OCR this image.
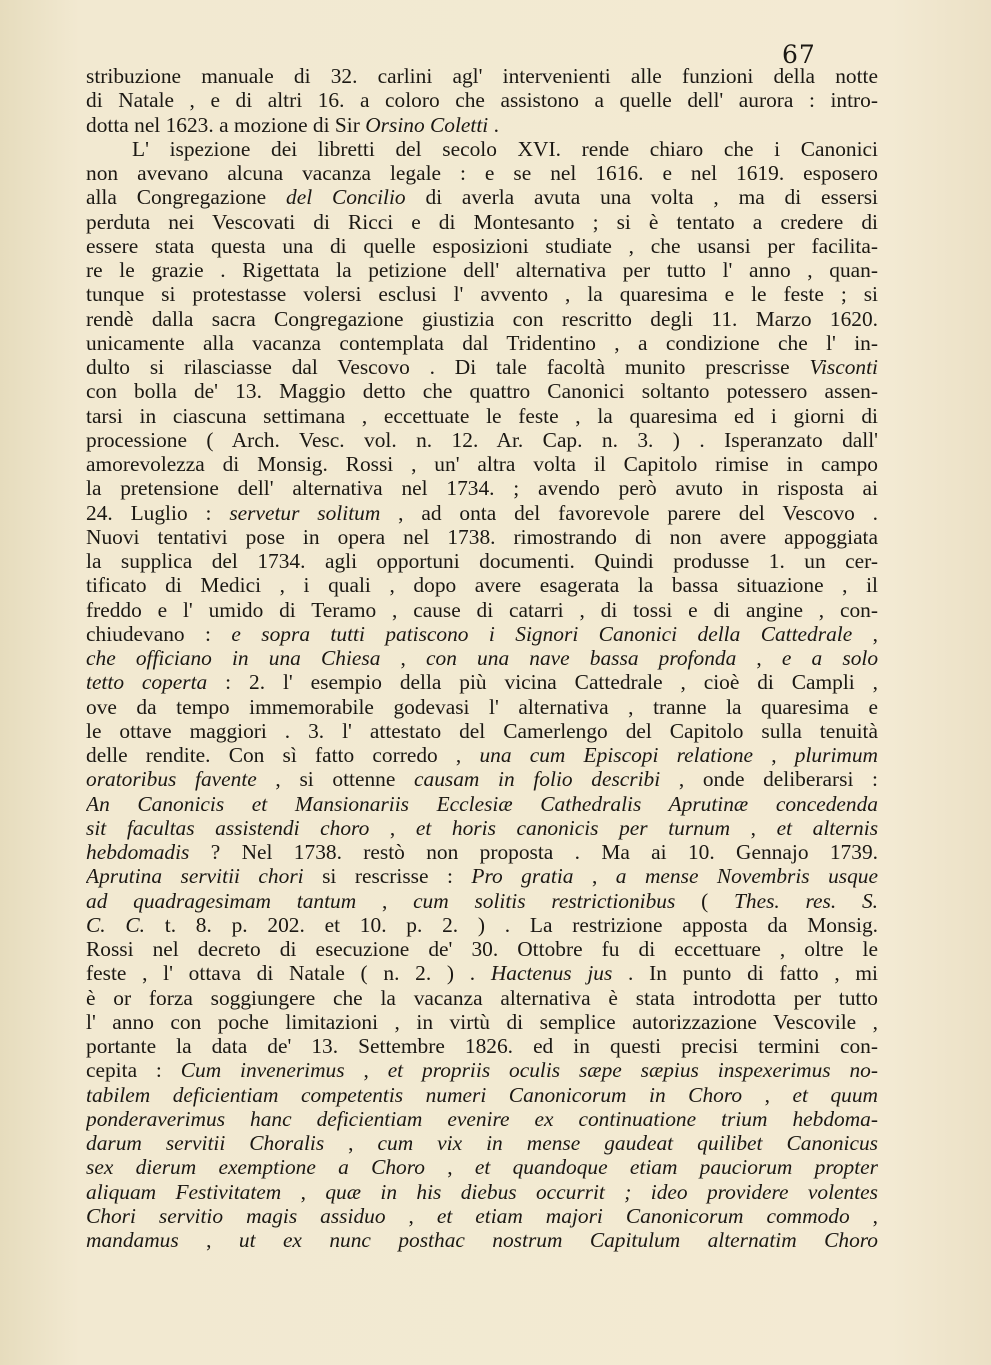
67
stribuzione manuale di 32. carlini agl' intervenienti alle funzioni della notte
di Natale , e di altri 16. a coloro che assistono a quelle dell' aurora : intro-
dotta nel 1623. a mozione di Sir Orsino Coletti .
L' ispezione dei libretti del secolo XVI. rende chiaro che i Canonici
non avevano alcuna vacanza legale : e se nel 1616. e nel 1619. esposero
alla Congregazione del Concilio di averla avuta una volta , ma di essersi
perduta nei Vescovati di Ricci e di Montesanto ; si è tentato a credere di
essere stata questa una di quelle esposizioni studiate , che usansi per facilita-
re le grazie . Rigettata la petizione dell' alternativa per tutto l' anno , quan-
tunque si protestasse volersi esclusi l' avvento , la quaresima e le feste ; si
rendè dalla sacra Congregazione giustizia con rescritto degli 11. Marzo 1620.
unicamente alla vacanza contemplata dal Tridentino , a condizione che l' in-
dulto si rilasciasse dal Vescovo . Di tale facoltà munito prescrisse Visconti
con bolla de' 13. Maggio detto che quattro Canonici soltanto potessero assen-
tarsi in ciascuna settimana , eccettuate le feste , la quaresima ed i giorni di
processione ( Arch. Vesc. vol. n. 12. Ar. Cap. n. 3. ) . Isperanzato dall'
amorevolezza di Monsig. Rossi , un' altra volta il Capitolo rimise in campo
la pretensione dell' alternativa nel 1734. ; avendo però avuto in risposta ai
24. Luglio : servetur solitum , ad onta del favorevole parere del Vescovo .
Nuovi tentativi pose in opera nel 1738. rimostrando di non avere appoggiata
la supplica del 1734. agli opportuni documenti. Quindi produsse 1. un cer-
tificato di Medici , i quali , dopo avere esagerata la bassa situazione , il
freddo e l' umido di Teramo , cause di catarri , di tossi e di angine , con-
chiudevano : e sopra tutti patiscono i Signori Canonici della Cattedrale ,
che officiano in una Chiesa , con una nave bassa profonda , e a solo
tetto coperta : 2. l' esempio della più vicina Cattedrale , cioè di Campli ,
ove da tempo immemorabile godevasi l' alternativa , tranne la quaresima e
le ottave maggiori . 3. l' attestato del Camerlengo del Capitolo sulla tenuità
delle rendite. Con sì fatto corredo , una cum Episcopi relatione , plurimum
oratoribus favente , si ottenne causam in folio describi , onde deliberarsi :
An Canonicis et Mansionariis Ecclesiæ Cathedralis Aprutinæ concedenda
sit facultas assistendi choro , et horis canonicis per turnum , et alternis
hebdomadis ? Nel 1738. restò non proposta . Ma ai 10. Gennajo 1739.
Aprutina servitii chori si rescrisse : Pro gratia , a mense Novembris usque
ad quadragesimam tantum , cum solitis restrictionibus ( Thes. res. S.
C. C. t. 8. p. 202. et 10. p. 2. ) . La restrizione apposta da Monsig.
Rossi nel decreto di esecuzione de' 30. Ottobre fu di eccettuare , oltre le
feste , l' ottava di Natale ( n. 2. ) . Hactenus jus . In punto di fatto , mi
è or forza soggiungere che la vacanza alternativa è stata introdotta per tutto
l' anno con poche limitazioni , in virtù di semplice autorizzazione Vescovile ,
portante la data de' 13. Settembre 1826. ed in questi precisi termini con-
cepita : Cum invenerimus , et propriis oculis sæpe sæpius inspexerimus no-
tabilem deficientiam competentis numeri Canonicorum in Choro , et quum
ponderaverimus hanc deficientiam evenire ex continuatione trium hebdoma-
darum servitii Choralis , cum vix in mense gaudeat quilibet Canonicus
sex dierum exemptione a Choro , et quandoque etiam pauciorum propter
aliquam Festivitatem , quæ in his diebus occurrit ; ideo providere volentes
Chori servitio magis assiduo , et etiam majori Canonicorum commodo ,
mandamus , ut ex nunc posthac nostrum Capitulum alternatim Choro
